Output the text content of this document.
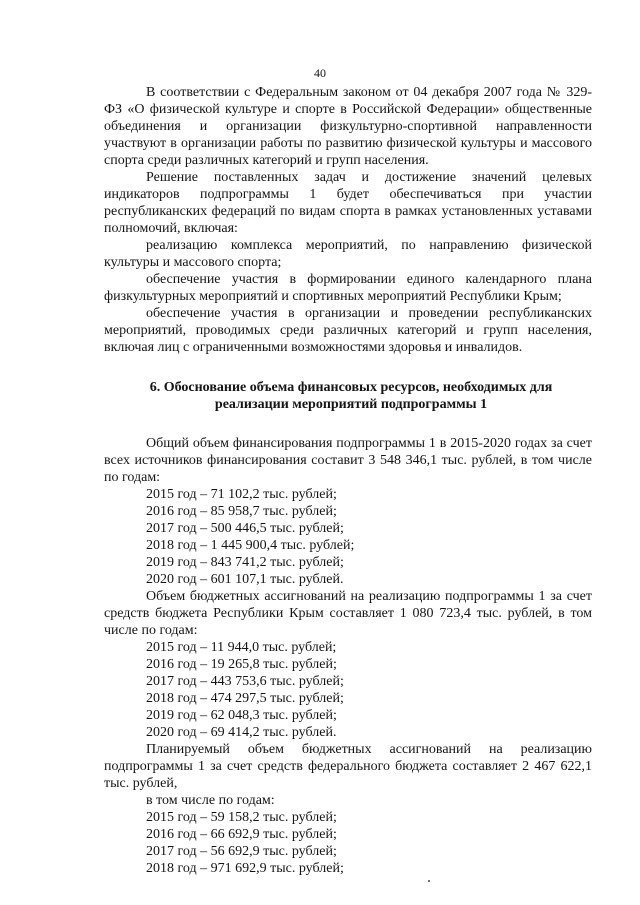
40

В соответствии с Федеральным законом от 04 декабря 2007 года № 329-ФЗ «О физической культуре и спорте в Российской Федерации» общественные объединения и организации физкультурно-спортивной направленности участвуют в организации работы по развитию физической культуры и массового спорта среди различных категорий и групп населения.

Решение поставленных задач и достижение значений целевых индикаторов подпрограммы 1 будет обеспечиваться при участии республиканских федераций по видам спорта в рамках установленных уставами полномочий, включая:

реализацию комплекса мероприятий, по направлению физической культуры и массового спорта;

обеспечение участия в формировании единого календарного плана физкультурных мероприятий и спортивных мероприятий Республики Крым;

обеспечение участия в организации и проведении республиканских мероприятий, проводимых среди различных категорий и групп населения, включая лиц с ограниченными возможностями здоровья и инвалидов.

6. Обоснование объема финансовых ресурсов, необходимых для реализации мероприятий подпрограммы 1

Общий объем финансирования подпрограммы 1 в 2015-2020 годах за счет всех источников финансирования составит 3 548 346,1 тыс. рублей, в том числе по годам:

2015 год – 71 102,2 тыс. рублей;
2016 год – 85 958,7 тыс. рублей;
2017 год – 500 446,5 тыс. рублей;
2018 год – 1 445 900,4 тыс. рублей;
2019 год – 843 741,2 тыс. рублей;
2020 год – 601 107,1 тыс. рублей.

Объем бюджетных ассигнований на реализацию подпрограммы 1 за счет средств бюджета Республики Крым составляет 1 080 723,4 тыс. рублей, в том числе по годам:

2015 год – 11 944,0 тыс. рублей;
2016 год – 19 265,8 тыс. рублей;
2017 год – 443 753,6 тыс. рублей;
2018 год – 474 297,5 тыс. рублей;
2019 год – 62 048,3 тыс. рублей;
2020 год – 69 414,2 тыс. рублей.

Планируемый объем бюджетных ассигнований на реализацию подпрограммы 1 за счет средств федерального бюджета составляет 2 467 622,1 тыс. рублей,

в том числе по годам:
2015 год – 59 158,2 тыс. рублей;
2016 год – 66 692,9 тыс. рублей;
2017 год – 56 692,9 тыс. рублей;
2018 год – 971 692,9 тыс. рублей;
